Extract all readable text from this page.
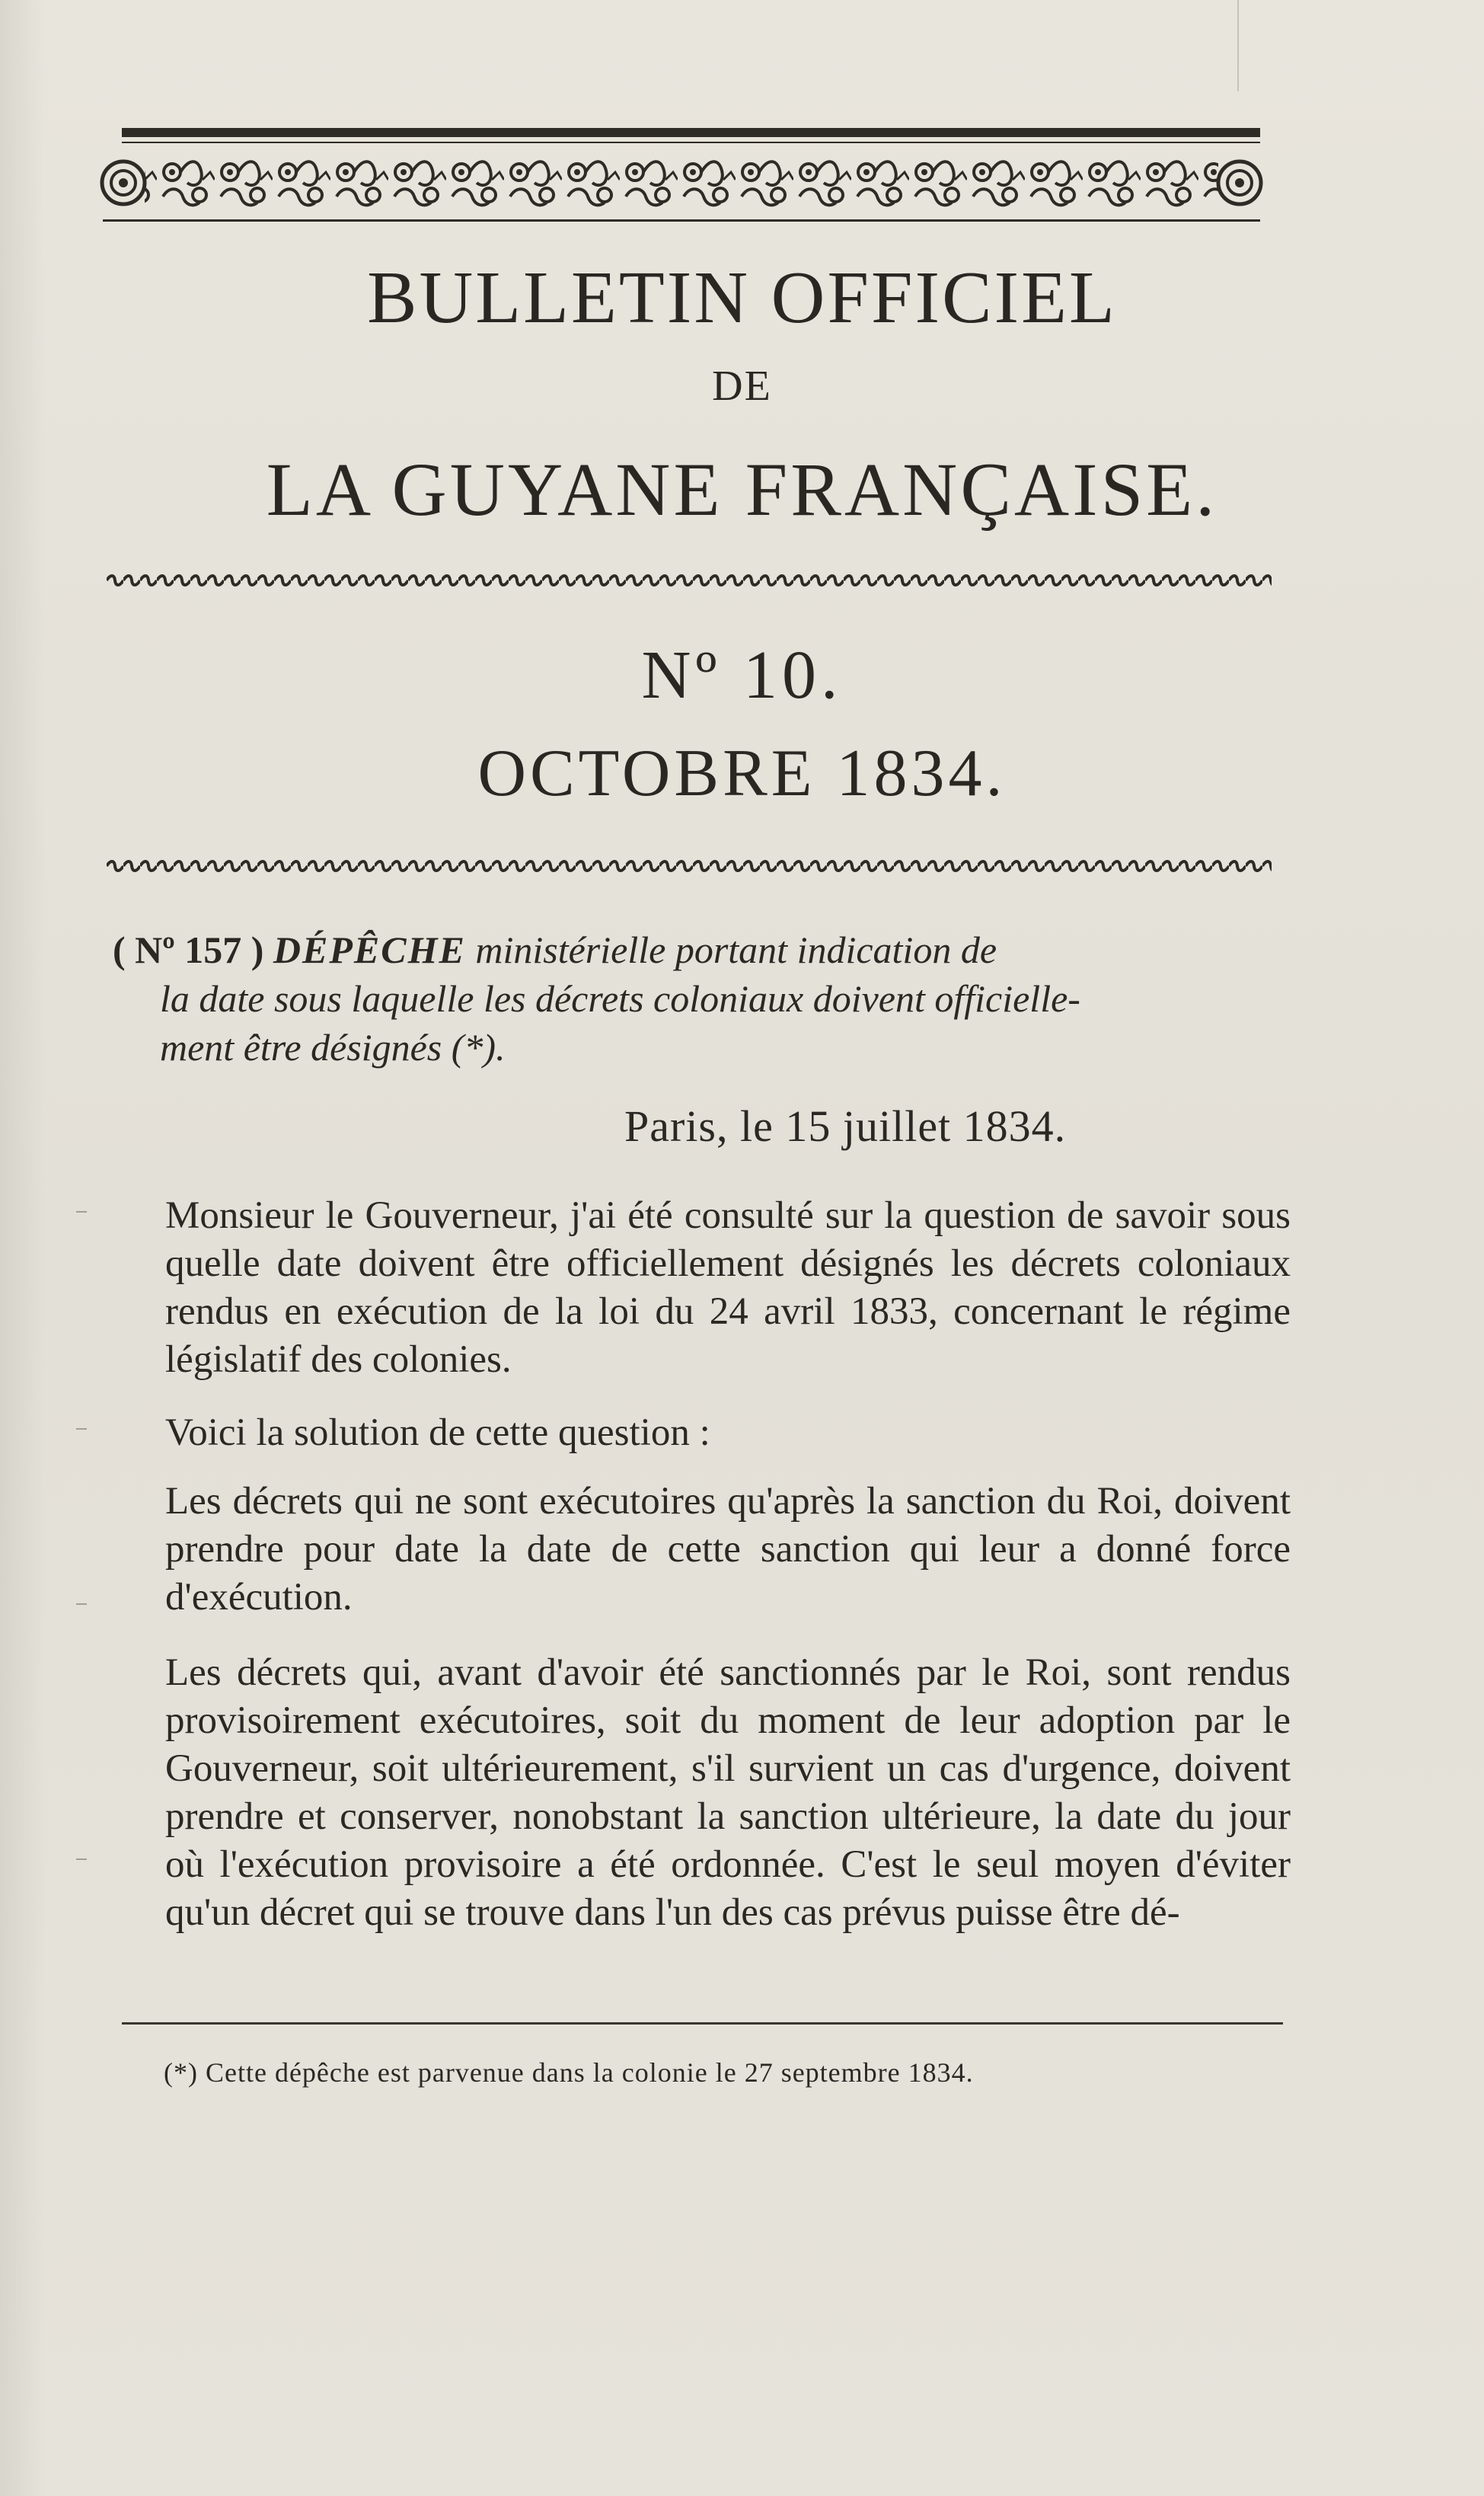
BULLETIN OFFICIEL
DE
LA GUYANE FRANÇAISE.
Nº 10.
OCTOBRE 1834.
( Nº 157 ) DÉPÊCHE ministérielle portant indication de
la date sous laquelle les décrets coloniaux doivent officielle-
ment être désignés (*).
Paris, le 15 juillet 1834.
Monsieur le Gouverneur, j'ai été consulté sur la question de savoir sous quelle date doivent être officiellement désignés les décrets coloniaux rendus en exécution de la loi du 24 avril 1833, concernant le régime législatif des colonies.
Voici la solution de cette question :
Les décrets qui ne sont exécutoires qu'après la sanction du Roi, doivent prendre pour date la date de cette sanction qui leur a donné force d'exécution.
Les décrets qui, avant d'avoir été sanctionnés par le Roi, sont rendus provisoirement exécutoires, soit du moment de leur adoption par le Gouverneur, soit ultérieurement, s'il survient un cas d'urgence, doivent prendre et conserver, nonobstant la sanction ultérieure, la date du jour où l'exécution provisoire a été ordonnée. C'est le seul moyen d'éviter qu'un décret qui se trouve dans l'un des cas prévus puisse être dé-
(*) Cette dépêche est parvenue dans la colonie le 27 septembre 1834.
